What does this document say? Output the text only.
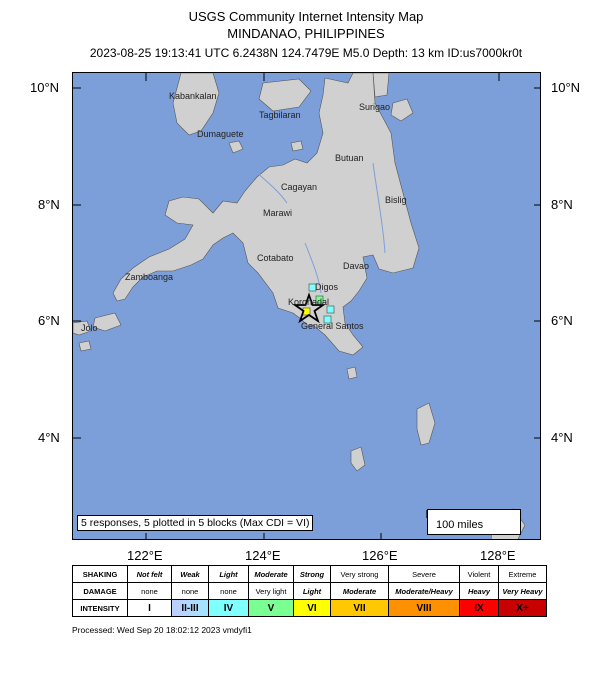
USGS Community Internet Intensity Map
MINDANAO, PHILIPPINES
2023-08-25 19:13:41 UTC 6.2438N 124.7479E M5.0 Depth: 13 km ID:us7000kr0t
10°N
8°N
6°N
4°N
10°N
8°N
6°N
4°N
122°E	124°E	126°E	128°E
Kabankalan
Tagbilaran
Dumaguete
Surigao
Butuan
Cagayan
Bislig
Marawi
Cotabato
Davao
Zamboanga
Digos
Koronadal
Jolo	General Santos
5 responses, 5 plotted in 5 blocks (Max CDI = VI)	100 miles
SHAKING	Not felt	Weak	Light	Moderate	Strong	Very strong	Severe	Violent	Extreme
DAMAGE	none	none	none	Very light	Light	Moderate	Moderate/Heavy	Heavy	Very Heavy
INTENSITY	I	II-III	IV	V	VI	VII	VIII	IX	X+
Processed: Wed Sep 20 18:02:12 2023 vmdyfi1
